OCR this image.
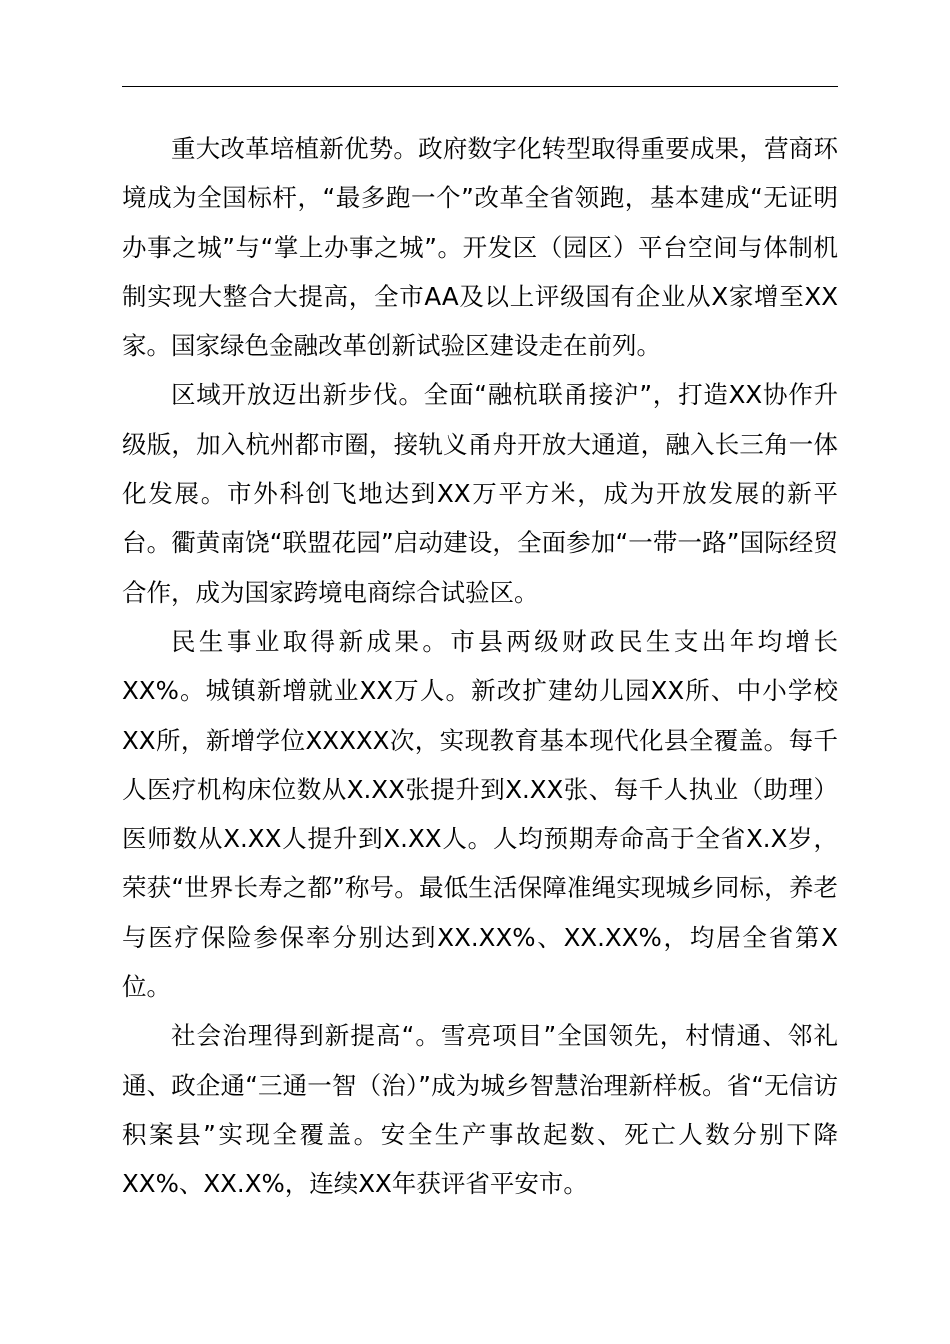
重大改革培植新优势。政府数字化转型取得重要成果，营商环境成为全国标杆，“最多跑一个”改革全省领跑，基本建成“无证明办事之城”与“掌上办事之城”。开发区（园区）平台空间与体制机制实现大整合大提高，全市AA及以上评级国有企业从X家增至XX家。国家绿色金融改革创新试验区建设走在前列。

区域开放迈出新步伐。全面“融杭联甬接沪”，打造XX协作升级版，加入杭州都市圈，接轨义甬舟开放大通道，融入长三角一体化发展。市外科创飞地达到XX万平方米，成为开放发展的新平台。衢黄南饶“联盟花园”启动建设，全面参加“一带一路”国际经贸合作，成为国家跨境电商综合试验区。

民生事业取得新成果。市县两级财政民生支出年均增长XX%。城镇新增就业XX万人。新改扩建幼儿园XX所、中小学校XX所，新增学位XXXXX次，实现教育基本现代化县全覆盖。每千人医疗机构床位数从X.XX张提升到X.XX张、每千人执业（助理）医师数从X.XX人提升到X.XX人。人均预期寿命高于全省X.X岁，荣获“世界长寿之都”称号。最低生活保障准绳实现城乡同标，养老与医疗保险参保率分别达到XX.XX%、XX.XX%，均居全省第X位。

社会治理得到新提高“。雪亮项目”全国领先，村情通、邻礼通、政企通“三通一智（治）”成为城乡智慧治理新样板。省“无信访积案县”实现全覆盖。安全生产事故起数、死亡人数分别下降XX%、XX.X%，连续XX年获评省平安市。
